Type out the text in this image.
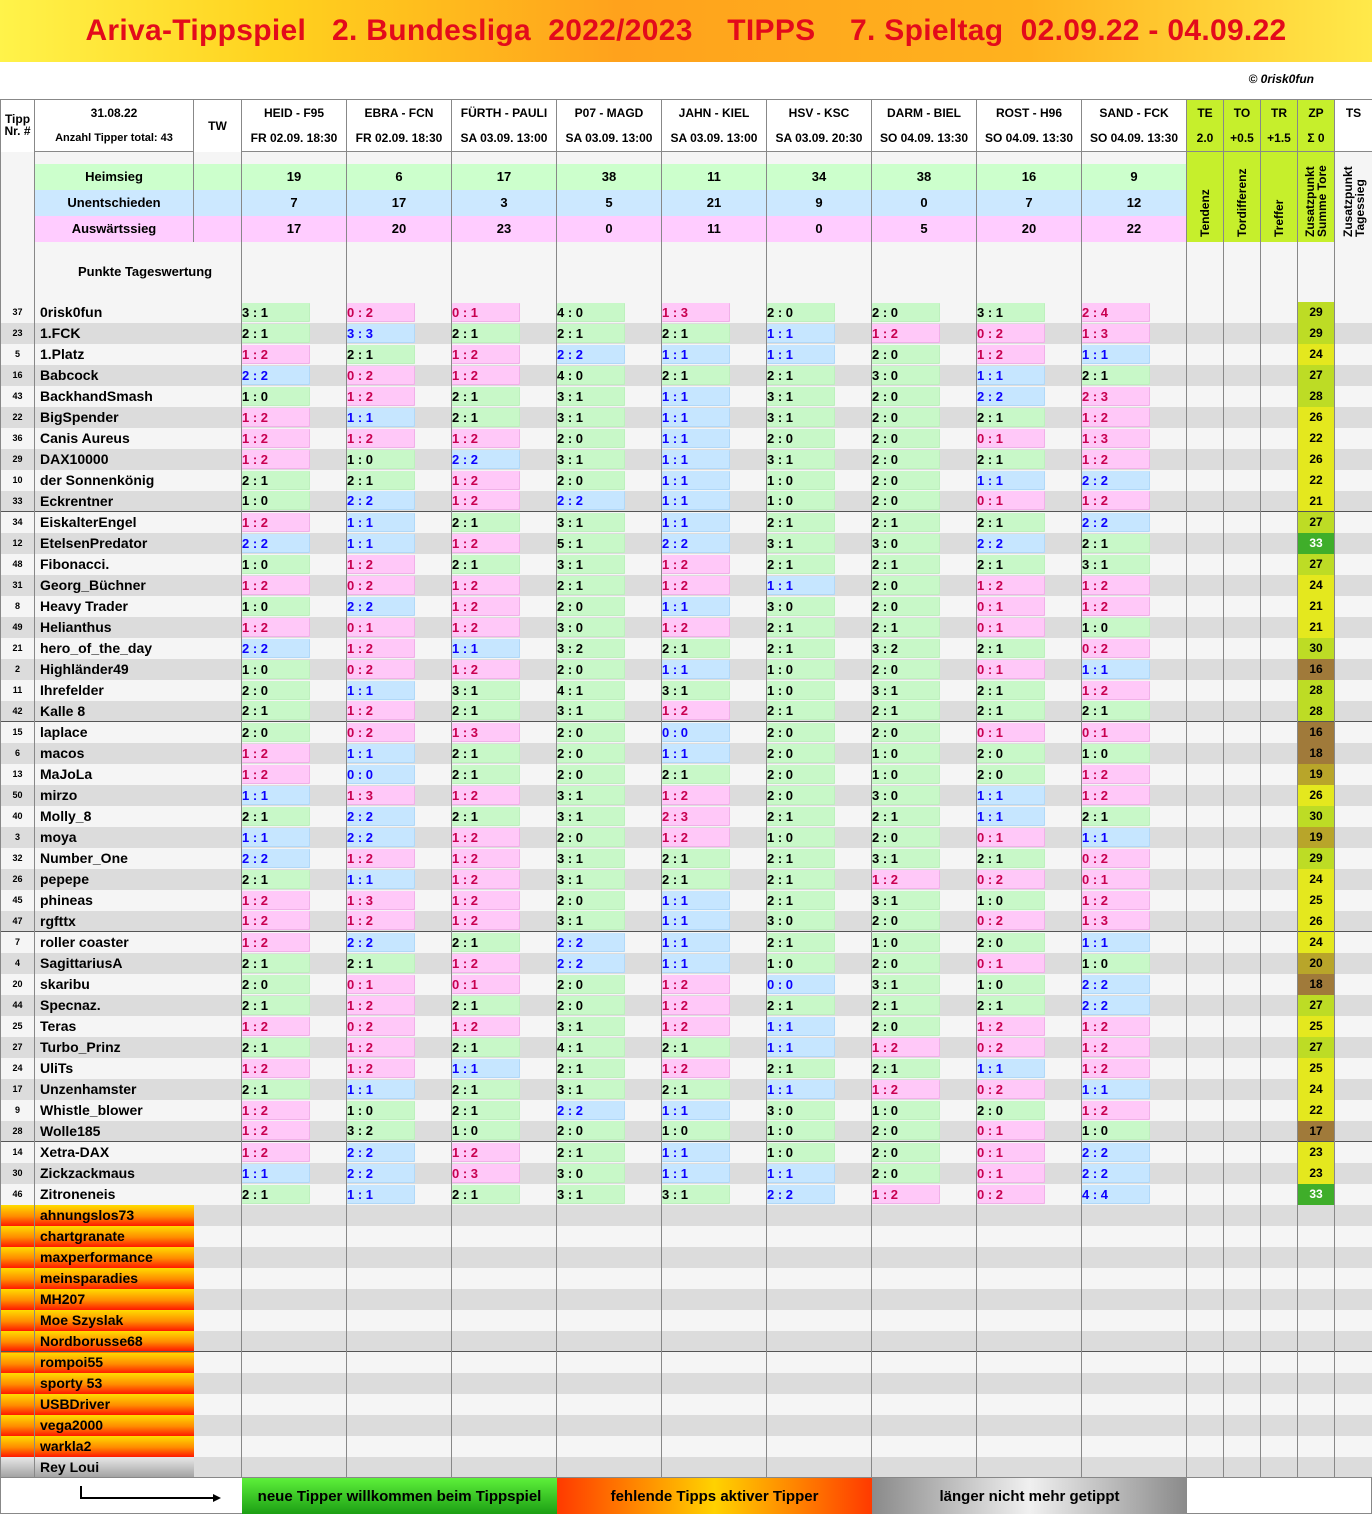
Ariva-Tippspiel   2. Bundesliga  2022/2023    TIPPS    7. Spieltag  02.09.22 - 04.09.22
© 0risk0fun
Tipp
Nr. #	31.08.22	TW	HEID - F95	EBRA - FCN	FÜRTH - PAULI	P07 - MAGD	JAHN - KIEL	HSV - KSC	DARM - BIEL	ROST - H96	SAND - FCK	TE	TO	TR	ZP	TS
	Anzahl Tipper total: 43		FR 02.09. 18:30	FR 02.09. 18:30	SA 03.09. 13:00	SA 03.09. 13:00	SA 03.09. 13:00	SA 03.09. 20:30	SO 04.09. 13:30	SO 04.09. 13:30	SO 04.09. 13:30	2.0	+0.5	+1.5	Σ 0	
												Tendenz	Tordifferenz	Treffer	Zusatzpunkt
Summe Tore	Zusatzpunkt
Tagessieg
	Heimsieg		19	6	17	38	11	34	38	16	9					
	Unentschieden		7	17	3	5	21	9	0	7	12					
	Auswärtssieg		17	20	23	0	11	0	5	20	22					
	Punkte Tageswertung															
37	0risk0fun		3 : 1	0 : 2	0 : 1	4 : 0	1 : 3	2 : 0	2 : 0	3 : 1	2 : 4				29	
23	1.FCK		2 : 1	3 : 3	2 : 1	2 : 1	2 : 1	1 : 1	1 : 2	0 : 2	1 : 3				29	
5	1.Platz		1 : 2	2 : 1	1 : 2	2 : 2	1 : 1	1 : 1	2 : 0	1 : 2	1 : 1				24	
16	Babcock		2 : 2	0 : 2	1 : 2	4 : 0	2 : 1	2 : 1	3 : 0	1 : 1	2 : 1				27	
43	BackhandSmash		1 : 0	1 : 2	2 : 1	3 : 1	1 : 1	3 : 1	2 : 0	2 : 2	2 : 3				28	
22	BigSpender		1 : 2	1 : 1	2 : 1	3 : 1	1 : 1	3 : 1	2 : 0	2 : 1	1 : 2				26	
36	Canis Aureus		1 : 2	1 : 2	1 : 2	2 : 0	1 : 1	2 : 0	2 : 0	0 : 1	1 : 3				22	
29	DAX10000		1 : 2	1 : 0	2 : 2	3 : 1	1 : 1	3 : 1	2 : 0	2 : 1	1 : 2				26	
10	der Sonnenkönig		2 : 1	2 : 1	1 : 2	2 : 0	1 : 1	1 : 0	2 : 0	1 : 1	2 : 2				22	
33	Eckrentner		1 : 0	2 : 2	1 : 2	2 : 2	1 : 1	1 : 0	2 : 0	0 : 1	1 : 2				21	
34	EiskalterEngel		1 : 2	1 : 1	2 : 1	3 : 1	1 : 1	2 : 1	2 : 1	2 : 1	2 : 2				27	
12	EtelsenPredator		2 : 2	1 : 1	1 : 2	5 : 1	2 : 2	3 : 1	3 : 0	2 : 2	2 : 1				33	
48	Fibonacci.		1 : 0	1 : 2	2 : 1	3 : 1	1 : 2	2 : 1	2 : 1	2 : 1	3 : 1				27	
31	Georg_Büchner		1 : 2	0 : 2	1 : 2	2 : 1	1 : 2	1 : 1	2 : 0	1 : 2	1 : 2				24	
8	Heavy Trader		1 : 0	2 : 2	1 : 2	2 : 0	1 : 1	3 : 0	2 : 0	0 : 1	1 : 2				21	
49	Helianthus		1 : 2	0 : 1	1 : 2	3 : 0	1 : 2	2 : 1	2 : 1	0 : 1	1 : 0				21	
21	hero_of_the_day		2 : 2	1 : 2	1 : 1	3 : 2	2 : 1	2 : 1	3 : 2	2 : 1	0 : 2				30	
2	Highländer49		1 : 0	0 : 2	1 : 2	2 : 0	1 : 1	1 : 0	2 : 0	0 : 1	1 : 1				16	
11	Ihrefelder		2 : 0	1 : 1	3 : 1	4 : 1	3 : 1	1 : 0	3 : 1	2 : 1	1 : 2				28	
42	Kalle 8		2 : 1	1 : 2	2 : 1	3 : 1	1 : 2	2 : 1	2 : 1	2 : 1	2 : 1				28	
15	laplace		2 : 0	0 : 2	1 : 3	2 : 0	0 : 0	2 : 0	2 : 0	0 : 1	0 : 1				16	
6	macos		1 : 2	1 : 1	2 : 1	2 : 0	1 : 1	2 : 0	1 : 0	2 : 0	1 : 0				18	
13	MaJoLa		1 : 2	0 : 0	2 : 1	2 : 0	2 : 1	2 : 0	1 : 0	2 : 0	1 : 2				19	
50	mirzo		1 : 1	1 : 3	1 : 2	3 : 1	1 : 2	2 : 0	3 : 0	1 : 1	1 : 2				26	
40	Molly_8		2 : 1	2 : 2	2 : 1	3 : 1	2 : 3	2 : 1	2 : 1	1 : 1	2 : 1				30	
3	moya		1 : 1	2 : 2	1 : 2	2 : 0	1 : 2	1 : 0	2 : 0	0 : 1	1 : 1				19	
32	Number_One		2 : 2	1 : 2	1 : 2	3 : 1	2 : 1	2 : 1	3 : 1	2 : 1	0 : 2				29	
26	pepepe		2 : 1	1 : 1	1 : 2	3 : 1	2 : 1	2 : 1	1 : 2	0 : 2	0 : 1				24	
45	phineas		1 : 2	1 : 3	1 : 2	2 : 0	1 : 1	2 : 1	3 : 1	1 : 0	1 : 2				25	
47	rgfttx		1 : 2	1 : 2	1 : 2	3 : 1	1 : 1	3 : 0	2 : 0	0 : 2	1 : 3				26	
7	roller coaster		1 : 2	2 : 2	2 : 1	2 : 2	1 : 1	2 : 1	1 : 0	2 : 0	1 : 1				24	
4	SagittariusA		2 : 1	2 : 1	1 : 2	2 : 2	1 : 1	1 : 0	2 : 0	0 : 1	1 : 0				20	
20	skaribu		2 : 0	0 : 1	0 : 1	2 : 0	1 : 2	0 : 0	3 : 1	1 : 0	2 : 2				18	
44	Specnaz.		2 : 1	1 : 2	2 : 1	2 : 0	1 : 2	2 : 1	2 : 1	2 : 1	2 : 2				27	
25	Teras		1 : 2	0 : 2	1 : 2	3 : 1	1 : 2	1 : 1	2 : 0	1 : 2	1 : 2				25	
27	Turbo_Prinz		2 : 1	1 : 2	2 : 1	4 : 1	2 : 1	1 : 1	1 : 2	0 : 2	1 : 2				27	
24	UliTs		1 : 2	1 : 2	1 : 1	2 : 1	1 : 2	2 : 1	2 : 1	1 : 1	1 : 2				25	
17	Unzenhamster		2 : 1	1 : 1	2 : 1	3 : 1	2 : 1	1 : 1	1 : 2	0 : 2	1 : 1				24	
9	Whistle_blower		1 : 2	1 : 0	2 : 1	2 : 2	1 : 1	3 : 0	1 : 0	2 : 0	1 : 2				22	
28	Wolle185		1 : 2	3 : 2	1 : 0	2 : 0	1 : 0	1 : 0	2 : 0	0 : 1	1 : 0				17	
14	Xetra-DAX		1 : 2	2 : 2	1 : 2	2 : 1	1 : 1	1 : 0	2 : 0	0 : 1	2 : 2				23	
30	Zickzackmaus		1 : 1	2 : 2	0 : 3	3 : 0	1 : 1	1 : 1	2 : 0	0 : 1	2 : 2				23	
46	Zitroneneis		2 : 1	1 : 1	2 : 1	3 : 1	3 : 1	2 : 2	1 : 2	0 : 2	4 : 4				33	
	ahnungslos73															
	chartgranate															
	maxperformance															
	meinsparadies															
	MH207															
	Moe Szyslak															
	Nordborusse68															
	rompoi55															
	sporty 53															
	USBDriver															
	vega2000															
	warkla2															
	Rey Loui															
neue Tipper willkommen beim Tippspiel	fehlende Tipps aktiver Tipper	länger nicht mehr getippt
